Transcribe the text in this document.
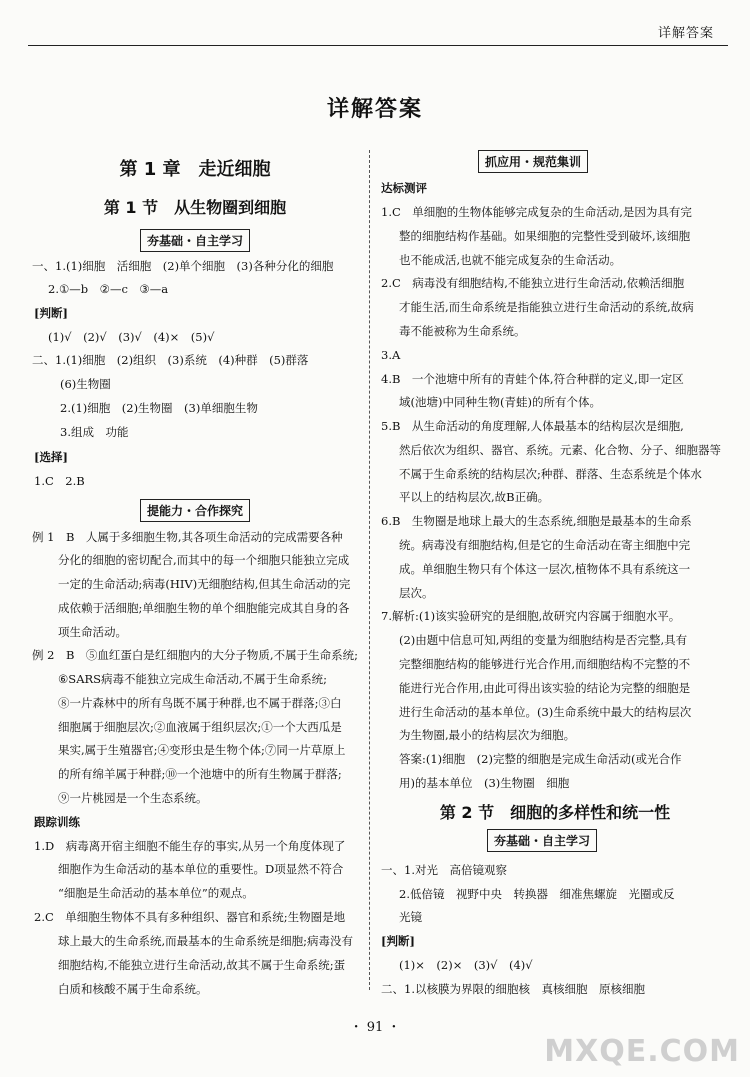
详解答案
详解答案
第 1 章　走近细胞
第 1 节　从生物圈到细胞
夯基础・自主学习
一、1.(1)细胞　活细胞　(2)单个细胞　(3)各种分化的细胞
2.①—b　②—c　③—a
[判断]
(1)√　(2)√　(3)√　(4)×　(5)√
二、1.(1)细胞　(2)组织　(3)系统　(4)种群　(5)群落
(6)生物圈
2.(1)细胞　(2)生物圈　(3)单细胞生物
3.组成　功能
[选择]
1.C　2.B
提能力・合作探究
例 1　B　人属于多细胞生物,其各项生命活动的完成需要各种
分化的细胞的密切配合,而其中的每一个细胞只能独立完成
一定的生命活动;病毒(HIV)无细胞结构,但其生命活动的完
成依赖于活细胞;单细胞生物的单个细胞能完成其自身的各
项生命活动。
例 2　B　⑤血红蛋白是红细胞内的大分子物质,不属于生命系统;
⑥SARS病毒不能独立完成生命活动,不属于生命系统;
⑧一片森林中的所有鸟既不属于种群,也不属于群落;③白
细胞属于细胞层次;②血液属于组织层次;①一个大西瓜是
果实,属于生殖器官;④变形虫是生物个体;⑦同一片草原上
的所有绵羊属于种群;⑩一个池塘中的所有生物属于群落;
⑨一片桃园是一个生态系统。
跟踪训练
1.D　病毒离开宿主细胞不能生存的事实,从另一个角度体现了
细胞作为生命活动的基本单位的重要性。D项显然不符合
“细胞是生命活动的基本单位”的观点。
2.C　单细胞生物体不具有多种组织、器官和系统;生物圈是地
球上最大的生命系统,而最基本的生命系统是细胞;病毒没有
细胞结构,不能独立进行生命活动,故其不属于生命系统;蛋
白质和核酸不属于生命系统。
抓应用・规范集训
达标测评
1.C　单细胞的生物体能够完成复杂的生命活动,是因为具有完
整的细胞结构作基础。如果细胞的完整性受到破坏,该细胞
也不能成活,也就不能完成复杂的生命活动。
2.C　病毒没有细胞结构,不能独立进行生命活动,依赖活细胞
才能生活,而生命系统是指能独立进行生命活动的系统,故病
毒不能被称为生命系统。
3.A
4.B　一个池塘中所有的青蛙个体,符合种群的定义,即一定区
域(池塘)中同种生物(青蛙)的所有个体。
5.B　从生命活动的角度理解,人体最基本的结构层次是细胞,
然后依次为组织、器官、系统。元素、化合物、分子、细胞器等
不属于生命系统的结构层次;种群、群落、生态系统是个体水
平以上的结构层次,故B正确。
6.B　生物圈是地球上最大的生态系统,细胞是最基本的生命系
统。病毒没有细胞结构,但是它的生命活动在寄主细胞中完
成。单细胞生物只有个体这一层次,植物体不具有系统这一
层次。
7.解析:(1)该实验研究的是细胞,故研究内容属于细胞水平。
(2)由题中信息可知,两组的变量为细胞结构是否完整,具有
完整细胞结构的能够进行光合作用,而细胞结构不完整的不
能进行光合作用,由此可得出该实验的结论为完整的细胞是
进行生命活动的基本单位。(3)生命系统中最大的结构层次
为生物圈,最小的结构层次为细胞。
答案:(1)细胞　(2)完整的细胞是完成生命活动(或光合作
用)的基本单位　(3)生物圈　细胞
第 2 节　细胞的多样性和统一性
夯基础・自主学习
一、1.对光　高倍镜观察
2.低倍镜　视野中央　转换器　细准焦螺旋　光圈或反
光镜
[判断]
(1)×　(2)×　(3)√　(4)√
二、1.以核膜为界限的细胞核　真核细胞　原核细胞
・ 91 ・
MXQE.COM
